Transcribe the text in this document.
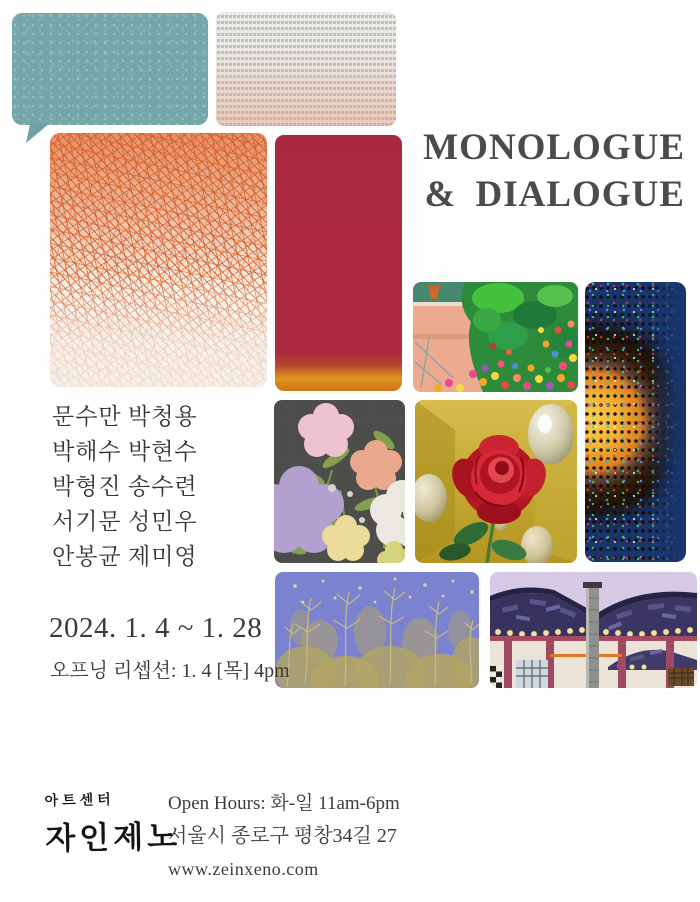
MONOLOGUE
& DIALOGUE
문수만 박청용
박해수 박현수
박형진 송수련
서기문 성민우
안봉균 제미영
2024. 1. 4 ~ 1. 28
오프닝 리셉션: 1. 4 [목] 4pm
아트센터
자인제노
Open Hours: 화-일 11am-6pm
서울시 종로구 평창34길 27
www.zeinxeno.com
